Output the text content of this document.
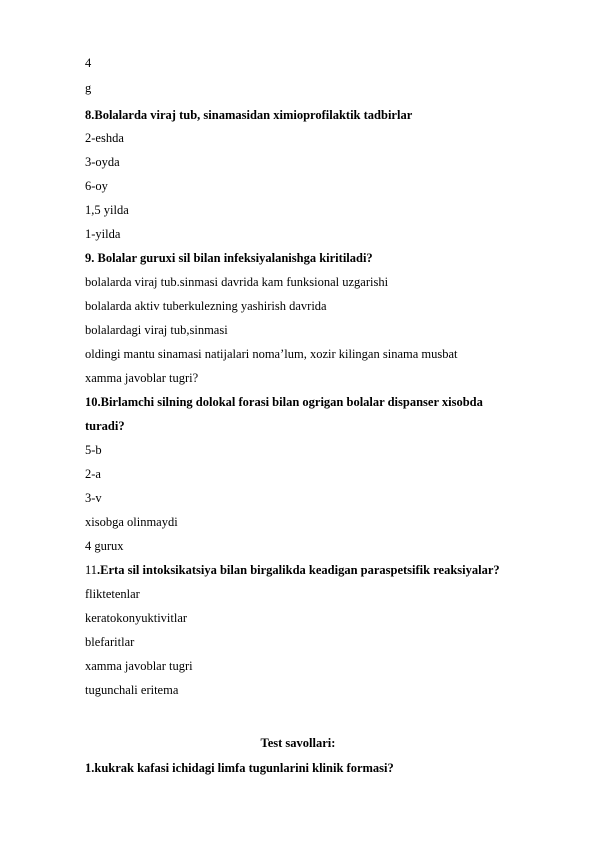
4
g
8.Bolalarda viraj tub, sinamasidan ximioprofilaktik tadbirlar
2-eshda
3-oyda
6-oy
1,5 yilda
1-yilda
9. Bolalar guruxi sil bilan infeksiyalanishga kiritiladi?
bolalarda viraj tub.sinmasi davrida kam funksional uzgarishi
bolalarda aktiv tuberkulezning yashirish davrida
bolalardagi viraj tub,sinmasi
oldingi mantu sinamasi natijalari noma’lum, xozir kilingan sinama musbat
xamma javoblar tugri?
10.Birlamchi silning dolokal forasi bilan ogrigan bolalar dispanser xisobda
turadi?
5-b
2-a
3-v
xisobga olinmaydi
4 gurux
11.Erta sil intoksikatsiya bilan birgalikda keadigan paraspetsifik reaksiyalar?
fliktetenlar
keratokonyuktivitlar
blefaritlar
xamma javoblar tugri
tugunchali eritema
Test savollari:
1.kukrak kafasi ichidagi limfa tugunlarini klinik formasi?
